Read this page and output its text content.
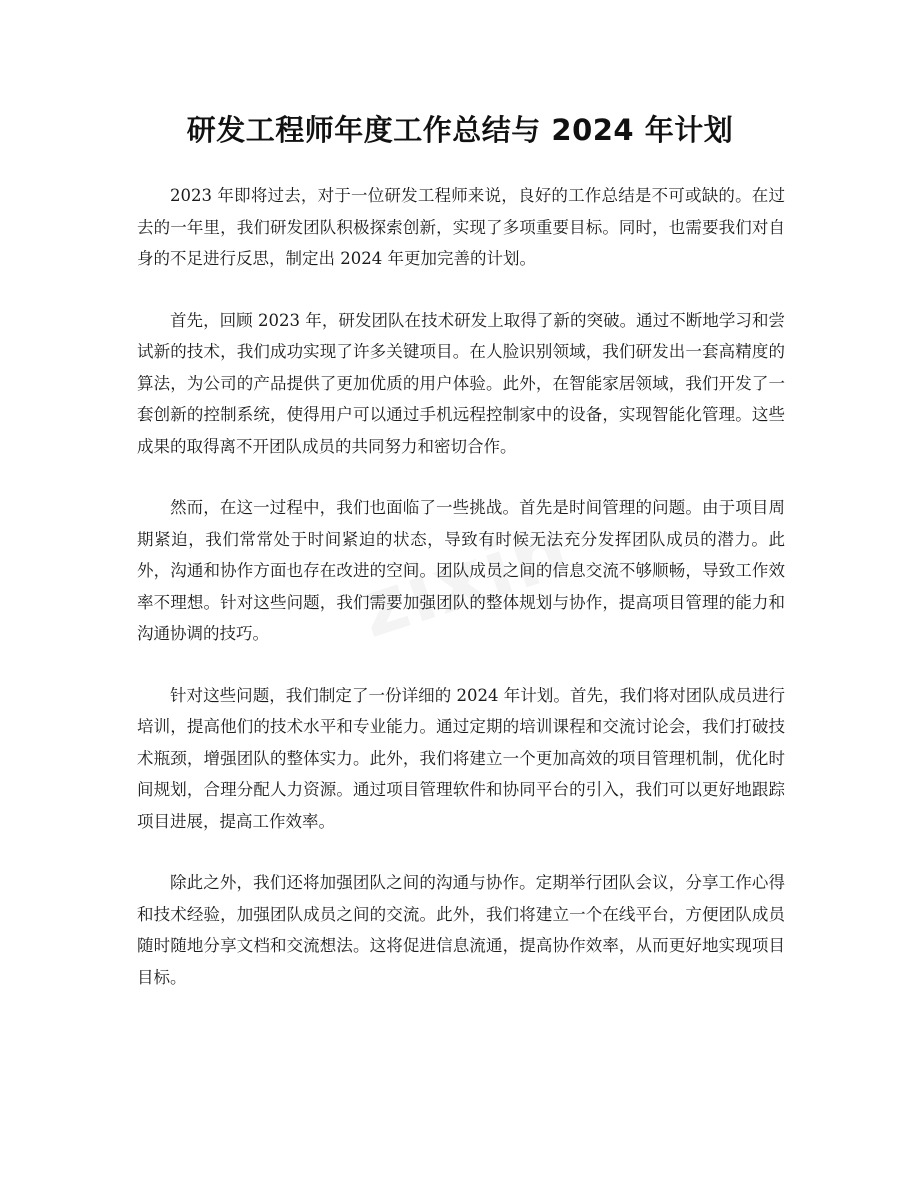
研发工程师年度工作总结与 2024 年计划

2023 年即将过去，对于一位研发工程师来说，良好的工作总结是不可或缺的。在过去的一年里，我们研发团队积极探索创新，实现了多项重要目标。同时，也需要我们对自身的不足进行反思，制定出 2024 年更加完善的计划。

首先，回顾 2023 年，研发团队在技术研发上取得了新的突破。通过不断地学习和尝试新的技术，我们成功实现了许多关键项目。在人脸识别领域，我们研发出一套高精度的算法，为公司的产品提供了更加优质的用户体验。此外，在智能家居领域，我们开发了一套创新的控制系统，使得用户可以通过手机远程控制家中的设备，实现智能化管理。这些成果的取得离不开团队成员的共同努力和密切合作。

然而，在这一过程中，我们也面临了一些挑战。首先是时间管理的问题。由于项目周期紧迫，我们常常处于时间紧迫的状态，导致有时候无法充分发挥团队成员的潜力。此外，沟通和协作方面也存在改进的空间。团队成员之间的信息交流不够顺畅，导致工作效率不理想。针对这些问题，我们需要加强团队的整体规划与协作，提高项目管理的能力和沟通协调的技巧。

针对这些问题，我们制定了一份详细的 2024 年计划。首先，我们将对团队成员进行培训，提高他们的技术水平和专业能力。通过定期的培训课程和交流讨论会，我们打破技术瓶颈，增强团队的整体实力。此外，我们将建立一个更加高效的项目管理机制，优化时间规划，合理分配人力资源。通过项目管理软件和协同平台的引入，我们可以更好地跟踪项目进展，提高工作效率。

除此之外，我们还将加强团队之间的沟通与协作。定期举行团队会议，分享工作心得和技术经验，加强团队成员之间的交流。此外，我们将建立一个在线平台，方便团队成员随时随地分享文档和交流想法。这将促进信息流通，提高协作效率，从而更好地实现项目目标。
